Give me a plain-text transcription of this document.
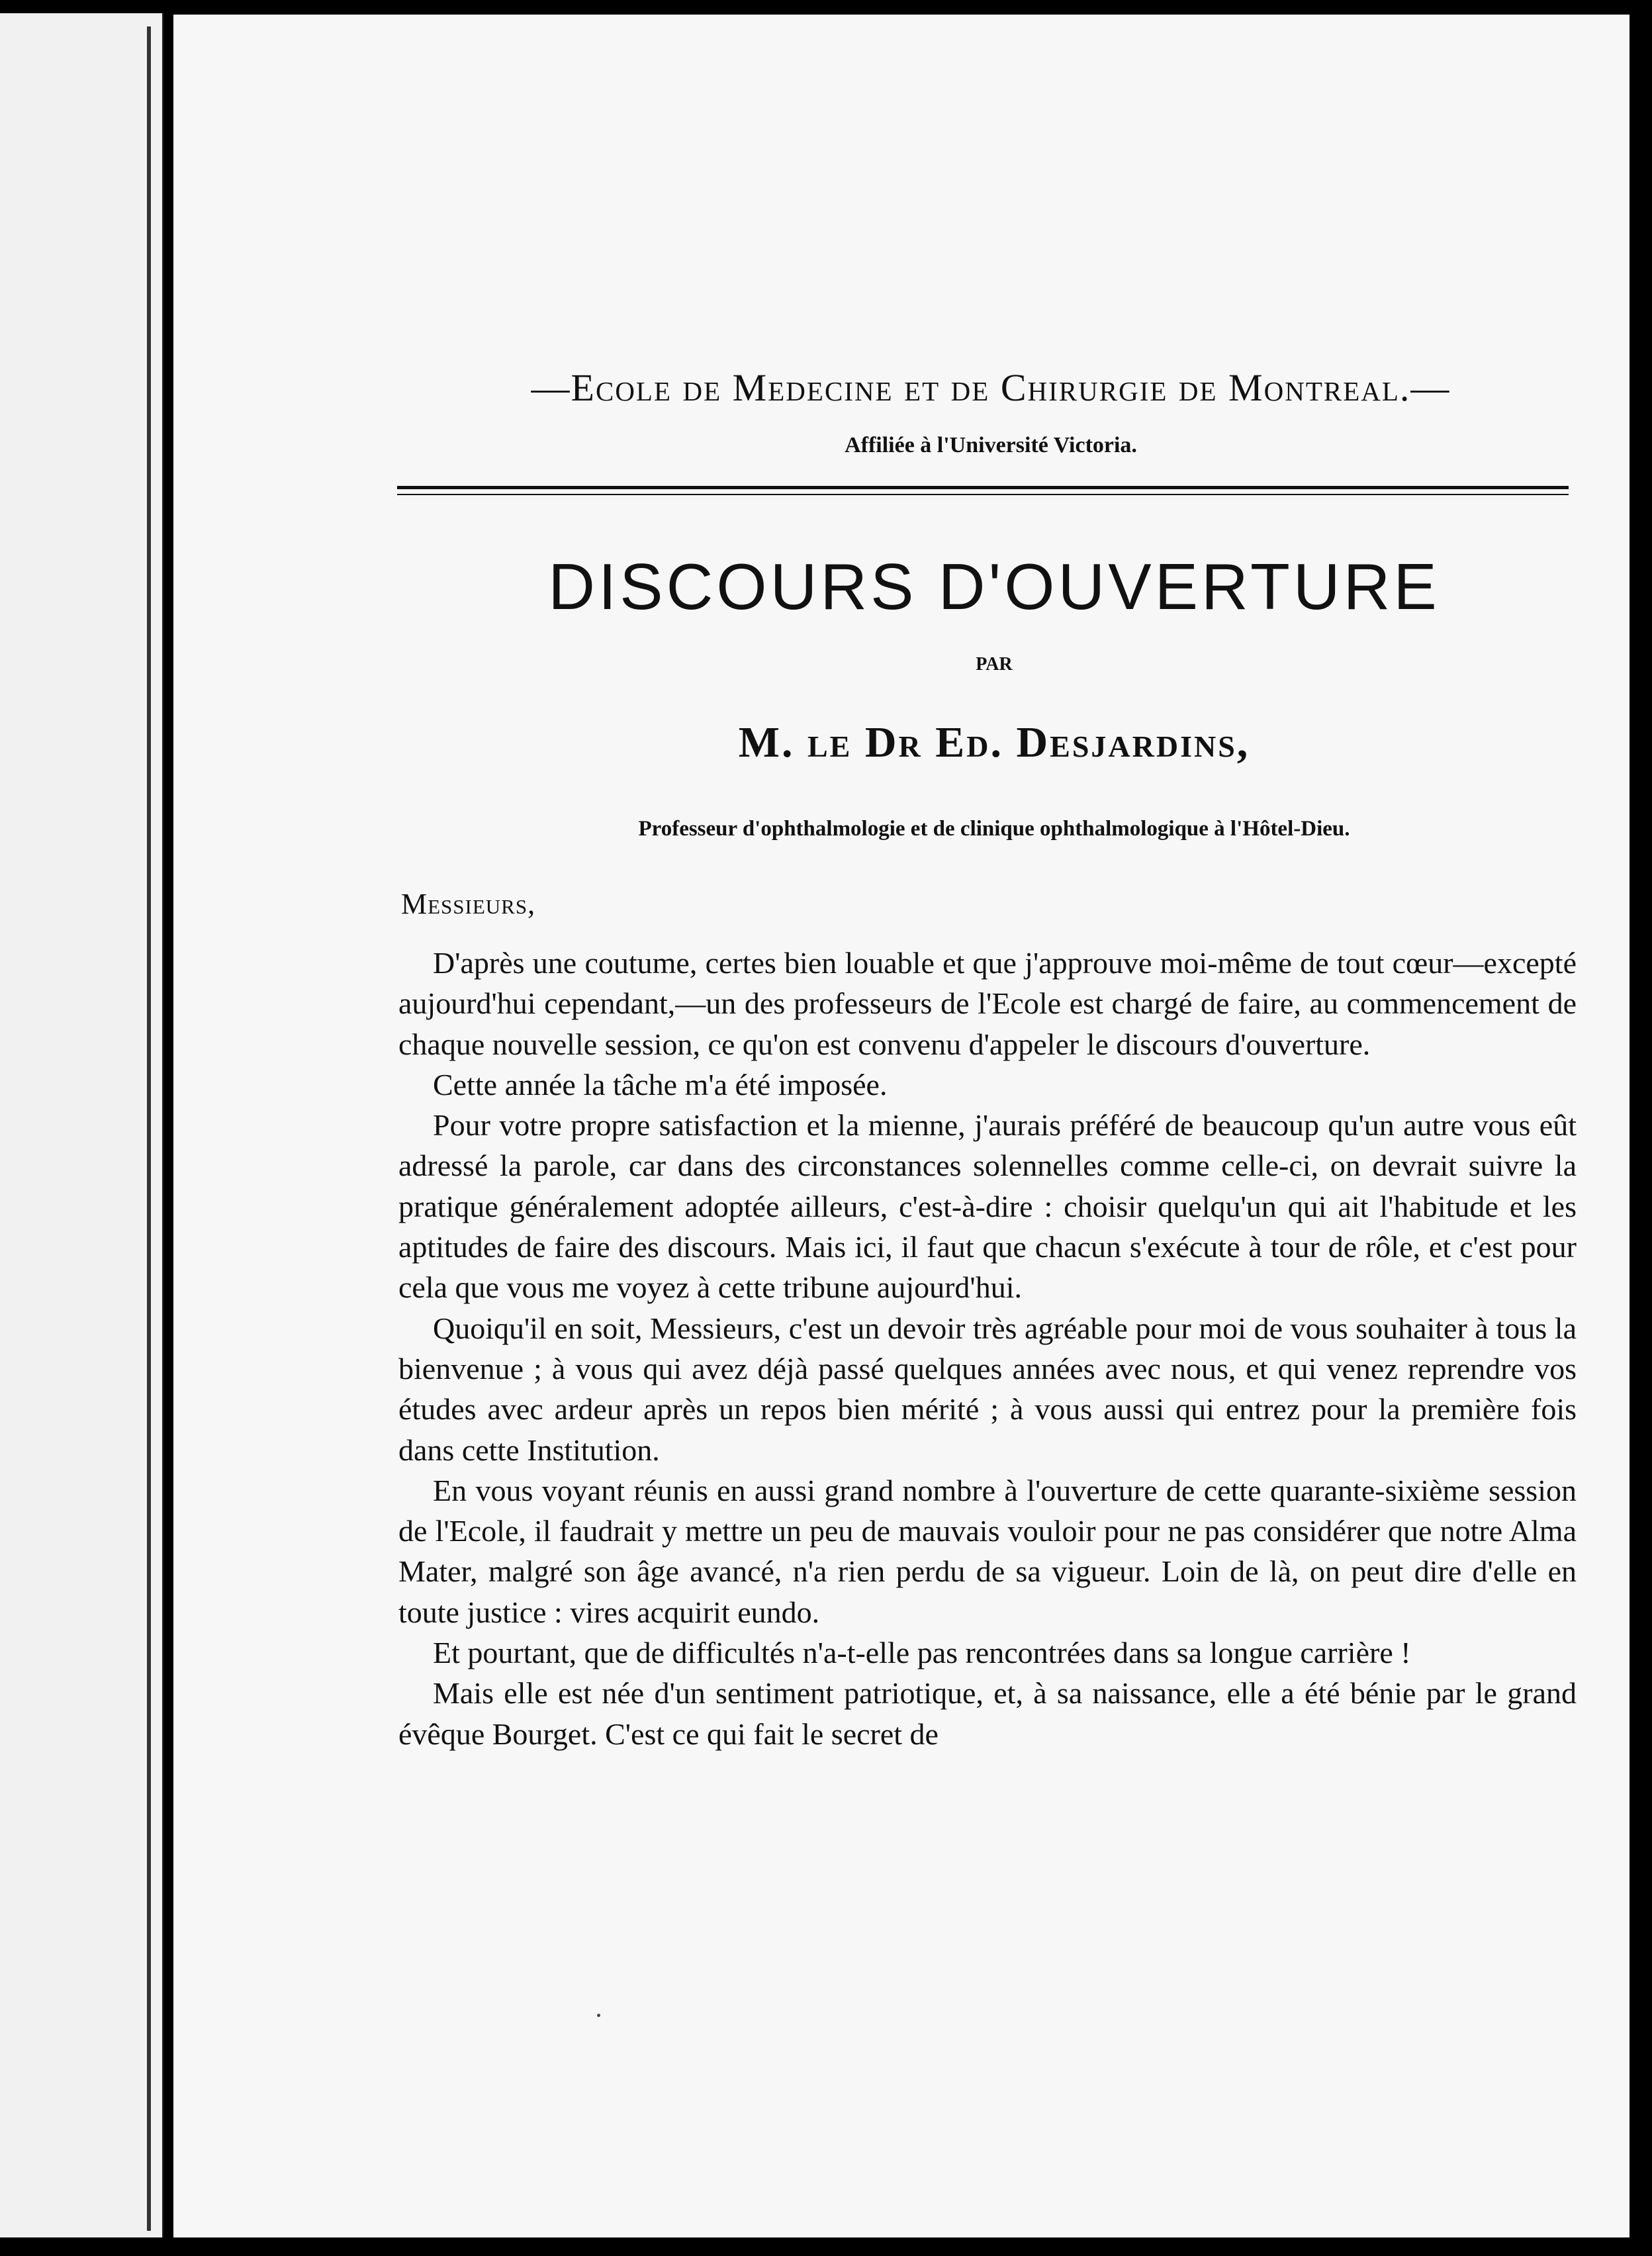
—Ecole de Medecine et de Chirurgie de Montreal.—
Affiliée à l'Université Victoria.
DISCOURS D'OUVERTURE
PAR
M. le Dr Ed. Desjardins,
Professeur d'ophthalmologie et de clinique ophthalmologique à l'Hôtel-Dieu.
Messieurs,

D'après une coutume, certes bien louable et que j'approuve moi-même de tout cœur—excepté aujourd'hui cependant,—un des professeurs de l'Ecole est chargé de faire, au commencement de chaque nouvelle session, ce qu'on est convenu d'appeler le discours d'ouverture.

Cette année la tâche m'a été imposée.

Pour votre propre satisfaction et la mienne, j'aurais préféré de beaucoup qu'un autre vous eût adressé la parole, car dans des circonstances solennelles comme celle-ci, on devrait suivre la pratique généralement adoptée ailleurs, c'est-à-dire : choisir quelqu'un qui ait l'habitude et les aptitudes de faire des discours. Mais ici, il faut que chacun s'exécute à tour de rôle, et c'est pour cela que vous me voyez à cette tribune aujourd'hui.

Quoiqu'il en soit, Messieurs, c'est un devoir très agréable pour moi de vous souhaiter à tous la bienvenue ; à vous qui avez déjà passé quelques années avec nous, et qui venez reprendre vos études avec ardeur après un repos bien mérité ; à vous aussi qui entrez pour la première fois dans cette Institution.

En vous voyant réunis en aussi grand nombre à l'ouverture de cette quarante-sixième session de l'Ecole, il faudrait y mettre un peu de mauvais vouloir pour ne pas considérer que notre Alma Mater, malgré son âge avancé, n'a rien perdu de sa vigueur. Loin de là, on peut dire d'elle en toute justice : vires acquirit eundo.

Et pourtant, que de difficultés n'a-t-elle pas rencontrées dans sa longue carrière !

Mais elle est née d'un sentiment patriotique, et, à sa naissance, elle a été bénie par le grand évêque Bourget. C'est ce qui fait le secret de
